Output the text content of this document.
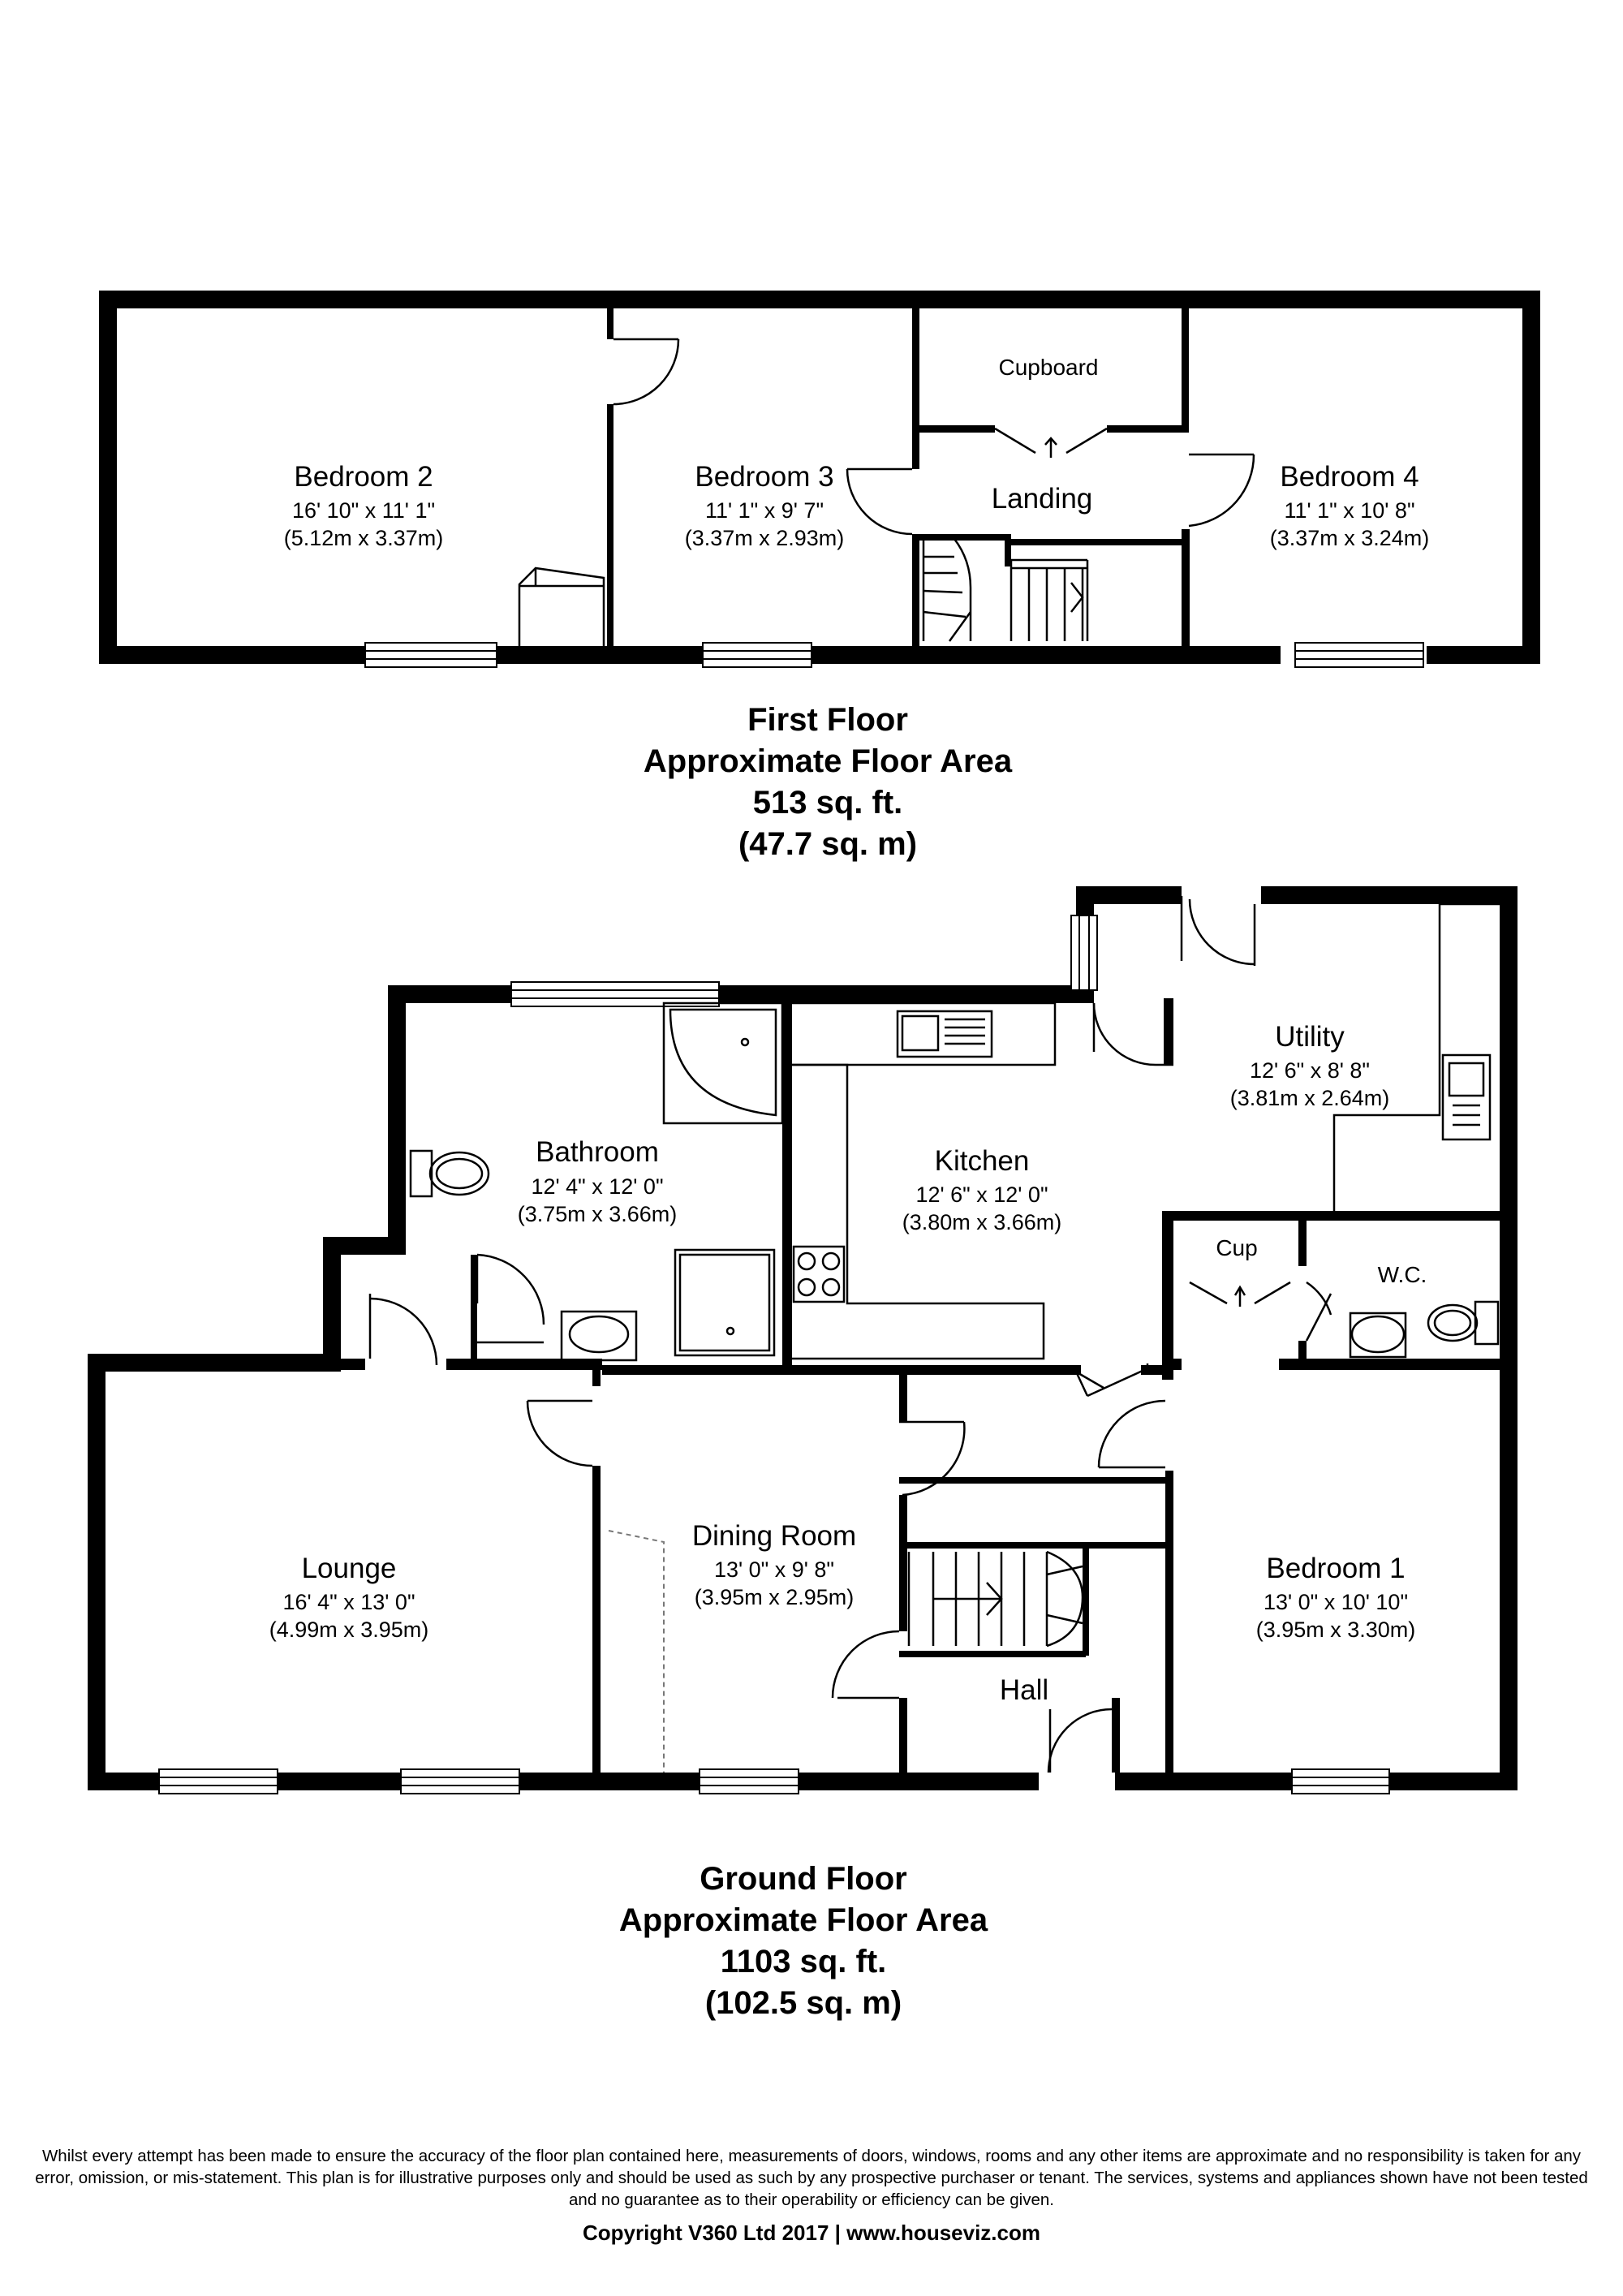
Bedroom 2
16' 10" x 11' 1"
(5.12m x 3.37m)
Bedroom 3
11' 1" x 9' 7"
(3.37m x 2.93m)
Bedroom 4
11' 1" x 10' 8"
(3.37m x 3.24m)
Cupboard
Landing
Bathroom
12' 4" x 12' 0"
(3.75m x 3.66m)
Kitchen
12' 6" x 12' 0"
(3.80m x 3.66m)
Utility
12' 6" x 8' 8"
(3.81m x 2.64m)
Lounge
16' 4" x 13' 0"
(4.99m x 3.95m)
Dining Room
13' 0" x 9' 8"
(3.95m x 2.95m)
Bedroom 1
13' 0" x 10' 10"
(3.95m x 3.30m)
Cup
W.C.
Hall
First Floor
Approximate Floor Area
513 sq. ft.
(47.7 sq. m)
Ground Floor
Approximate Floor Area
1103 sq. ft.
(102.5 sq. m)
Whilst every attempt has been made to ensure the accuracy of the floor plan contained here, measurements of doors, windows, rooms and any other items are approximate and no responsibility is taken for any error, omission, or mis-statement. This plan is for illustrative purposes only and should be used as such by any prospective purchaser or tenant. The services, systems and appliances shown have not been tested and no guarantee as to their operability or efficiency can be given.
Copyright V360 Ltd 2017 | www.houseviz.com
